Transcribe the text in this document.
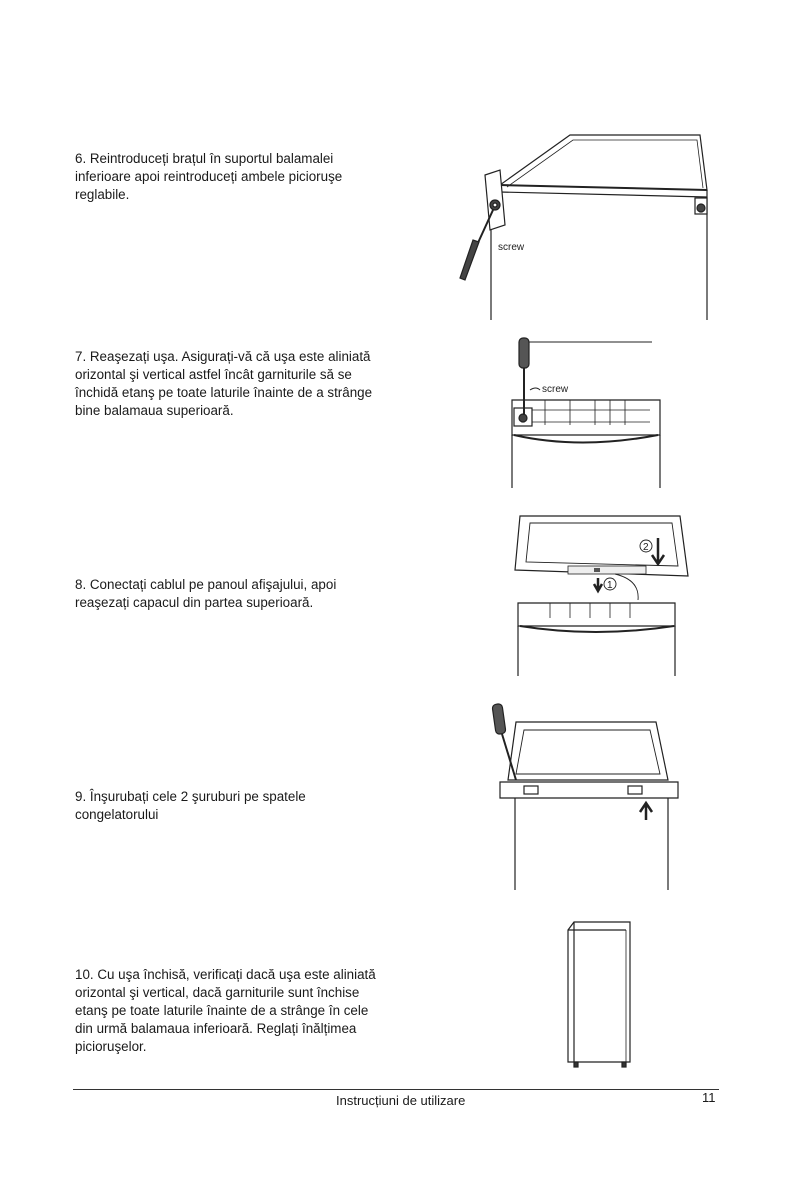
6. Reintroduceți brațul în suportul balamalei
inferioare apoi reintroduceți ambele picioruşe
reglabile.

screw

7. Reaşezați uşa. Asigurați-vă că uşa este aliniată
orizontal şi vertical astfel încât garniturile să se
închidă etanş pe toate laturile înainte de a strânge
bine balamaua superioară.

screw

8. Conectați cablul pe panoul afişajului, apoi
reaşezați capacul din partea superioară.

2
1

9. Înşurubați cele 2 şuruburi pe spatele
congelatorului

10. Cu uşa închisă, verificați dacă uşa este aliniată
orizontal şi vertical, dacă garniturile sunt închise
etanş pe toate laturile înainte de a strânge în cele
din urmă balamaua inferioară. Reglați înălțimea
picioruşelor.

Instrucțiuni de utilizare	11
